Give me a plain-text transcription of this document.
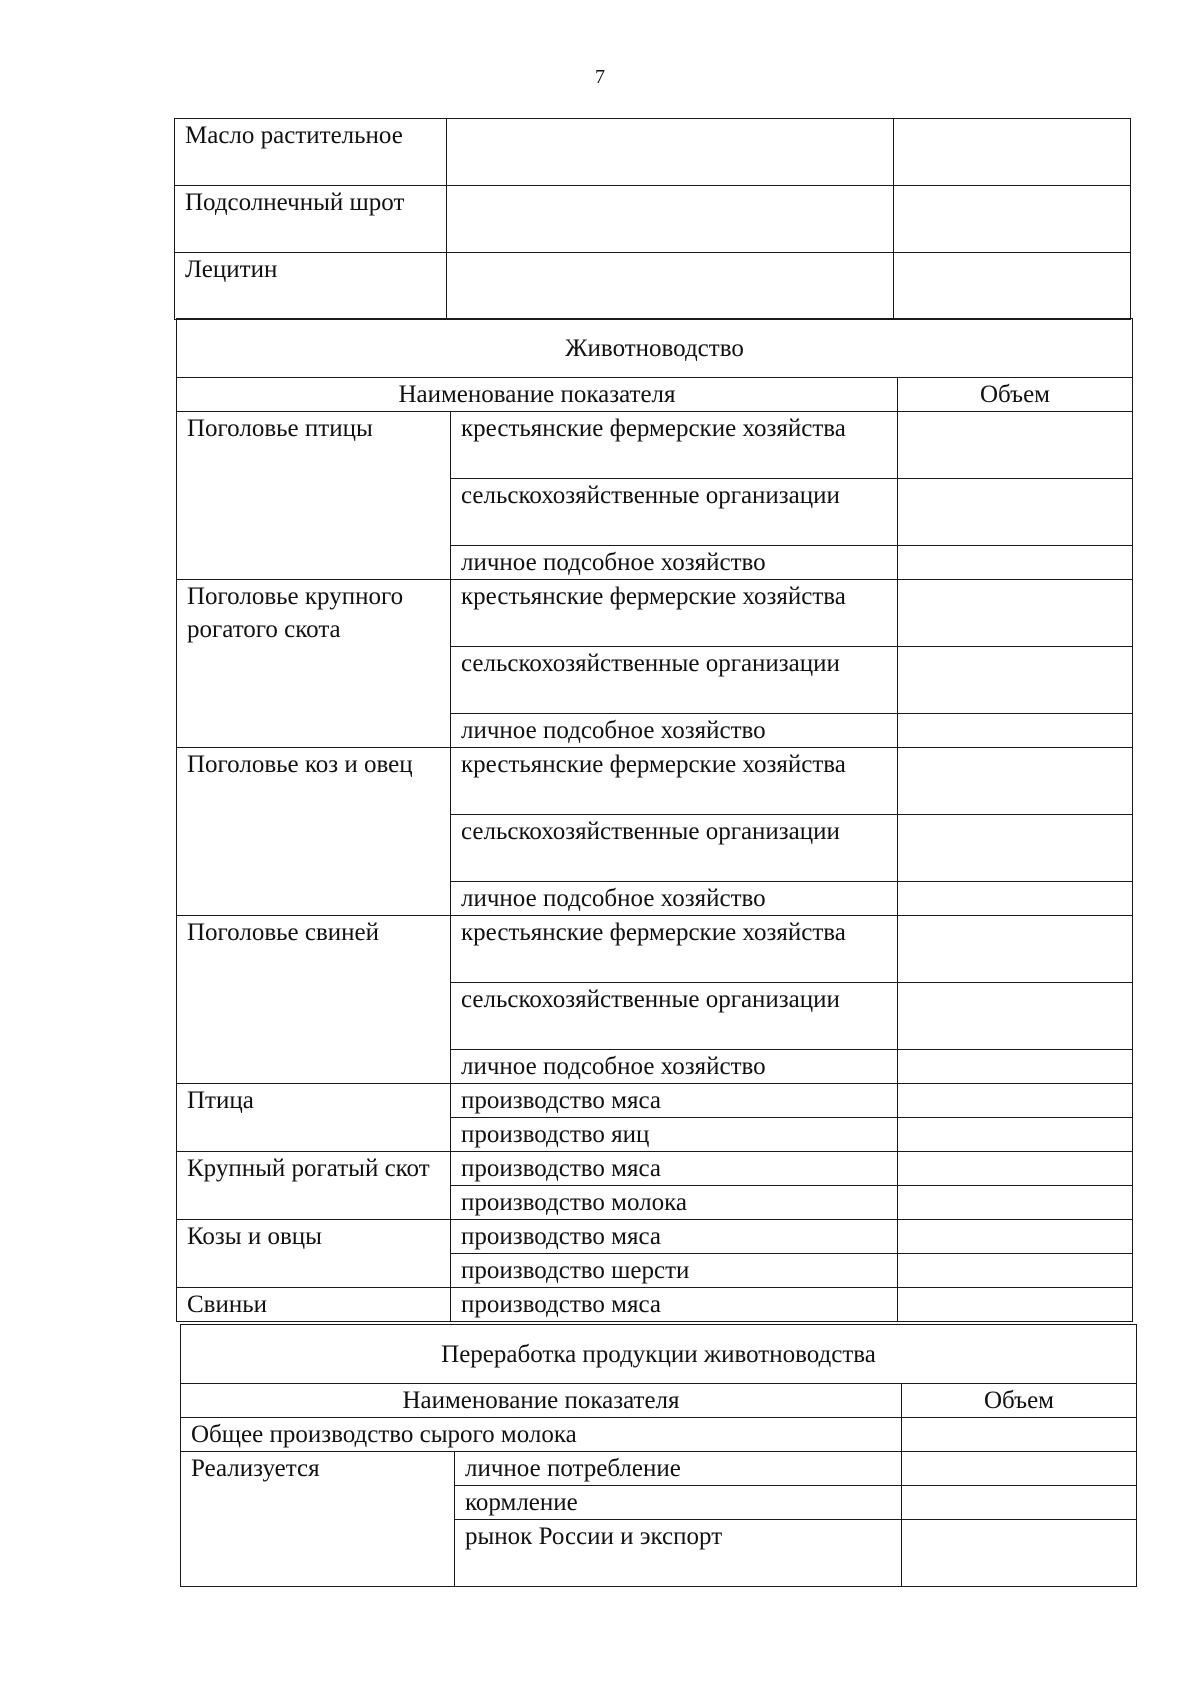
7
Масло растительное		
Подсолнечный шрот		
Лецитин		
Животноводство		
Наименование показателя		Объем
Поголовье птицы	крестьянские фермерские хозяйства	
	сельскохозяйственные организации	
	личное подсобное хозяйство	
Поголовье крупного рогатого скота	крестьянские фермерские хозяйства	
	сельскохозяйственные организации	
	личное подсобное хозяйство	
Поголовье коз и овец	крестьянские фермерские хозяйства	
	сельскохозяйственные организации	
	личное подсобное хозяйство	
Поголовье свиней	крестьянские фермерские хозяйства	
	сельскохозяйственные организации	
	личное подсобное хозяйство	
Птица	производство мяса	
	производство яиц	
Крупный рогатый скот	производство мяса	
	производство молока	
Козы и овцы	производство мяса	
	производство шерсти	
Свиньи	производство мяса	
Переработка продукции животноводства		
Наименование показателя		Объем
Общее производство сырого молока		
Реализуется	личное потребление	
	кормление	
	рынок России и экспорт	
